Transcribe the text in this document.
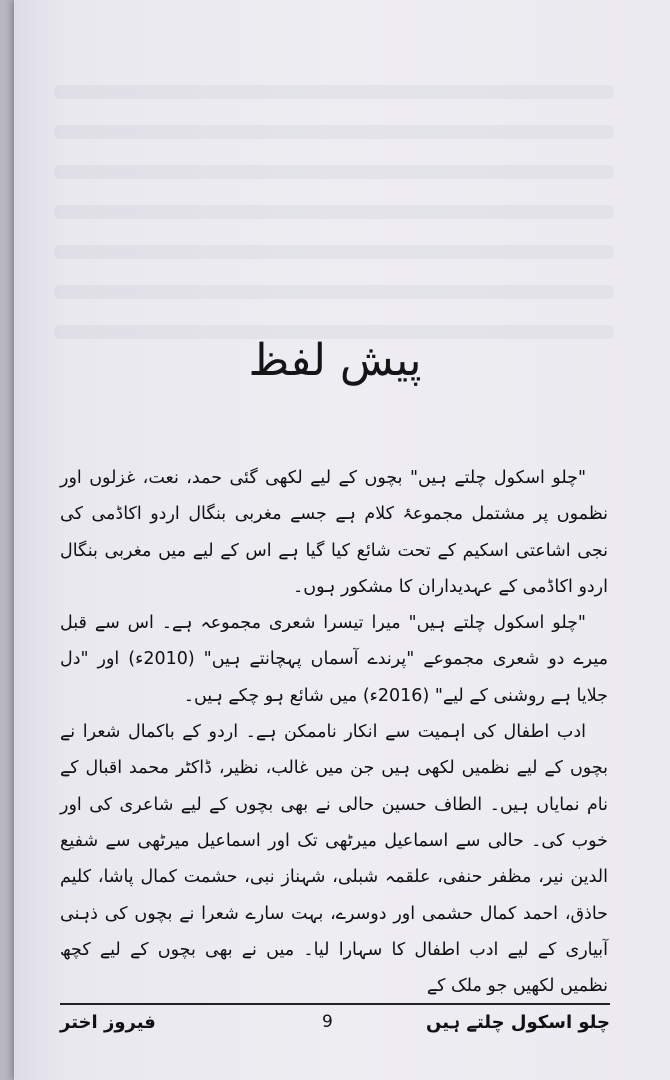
پیش لفظ

"چلو اسکول چلتے ہیں" بچوں کے لیے لکھی گئی حمد، نعت، غزلوں اور نظموں پر مشتمل مجموعۂ کلام ہے جسے مغربی بنگال اردو اکاڈمی کی نجی اشاعتی اسکیم کے تحت شائع کیا گیا ہے اس کے لیے میں مغربی بنگال اردو اکاڈمی کے عہدیداران کا مشکور ہوں۔

"چلو اسکول چلتے ہیں" میرا تیسرا شعری مجموعہ ہے۔ اس سے قبل میرے دو شعری مجموعے "پرندے آسماں پہچانتے ہیں" (2010ء) اور "دل جلایا ہے روشنی کے لیے" (2016ء) میں شائع ہو چکے ہیں۔

ادب اطفال کی اہمیت سے انکار ناممکن ہے۔ اردو کے باکمال شعرا نے بچوں کے لیے نظمیں لکھی ہیں جن میں غالب، نظیر، ڈاکٹر محمد اقبال کے نام نمایاں ہیں۔ الطاف حسین حالی نے بھی بچوں کے لیے شاعری کی اور خوب کی۔ حالی سے اسماعیل میرٹھی تک اور اسماعیل میرٹھی سے شفیع الدین نیر، مظفر حنفی، علقمہ شبلی، شہناز نبی، حشمت کمال پاشا، کلیم حاذق، احمد کمال حشمی اور دوسرے، بہت سارے شعرا نے بچوں کی ذہنی آبیاری کے لیے ادب اطفال کا سہارا لیا۔ میں نے بھی بچوں کے لیے کچھ نظمیں لکھیں جو ملک کے

فیروز اختر	9	چلو اسکول چلتے ہیں
